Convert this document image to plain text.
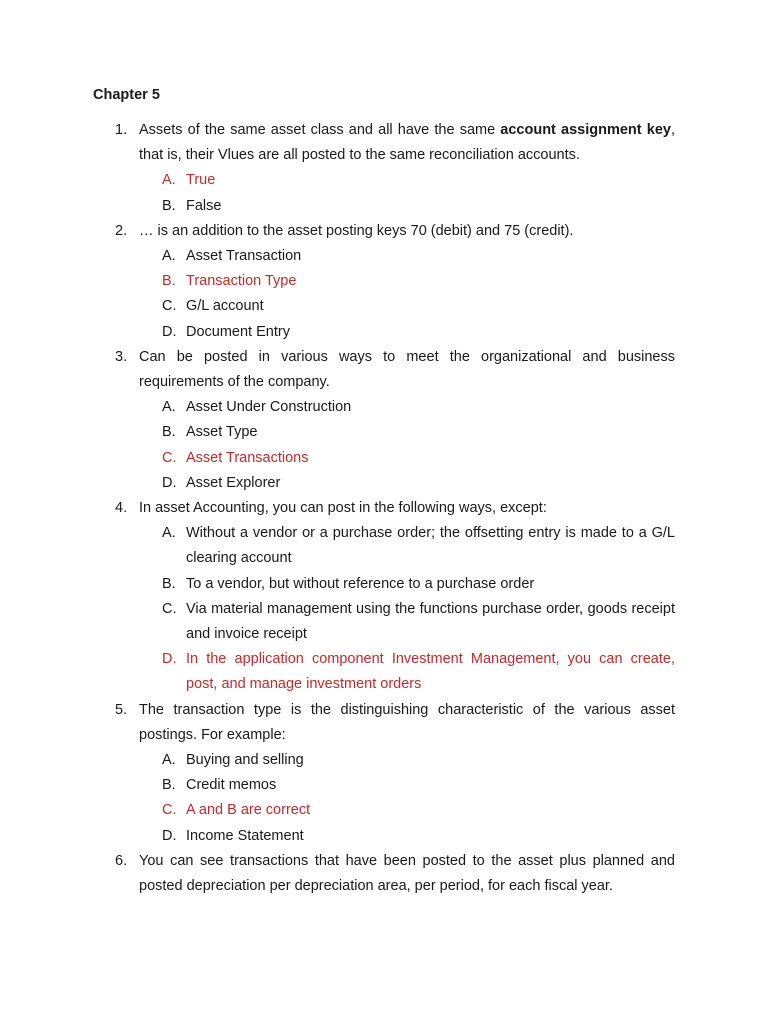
Chapter 5
1. Assets of the same asset class and all have the same account assignment key, that is, their Vlues are all posted to the same reconciliation accounts.
A. True
B. False
2. … is an addition to the asset posting keys 70 (debit) and 75 (credit).
A. Asset Transaction
B. Transaction Type
C. G/L account
D. Document Entry
3. Can be posted in various ways to meet the organizational and business requirements of the company.
A. Asset Under Construction
B. Asset Type
C. Asset Transactions
D. Asset Explorer
4. In asset Accounting, you can post in the following ways, except:
A. Without a vendor or a purchase order; the offsetting entry is made to a G/L clearing account
B. To a vendor, but without reference to a purchase order
C. Via material management using the functions purchase order, goods receipt and invoice receipt
D. In the application component Investment Management, you can create, post, and manage investment orders
5. The transaction type is the distinguishing characteristic of the various asset postings. For example:
A. Buying and selling
B. Credit memos
C. A and B are correct
D. Income Statement
6. You can see transactions that have been posted to the asset plus planned and posted depreciation per depreciation area, per period, for each fiscal year.
